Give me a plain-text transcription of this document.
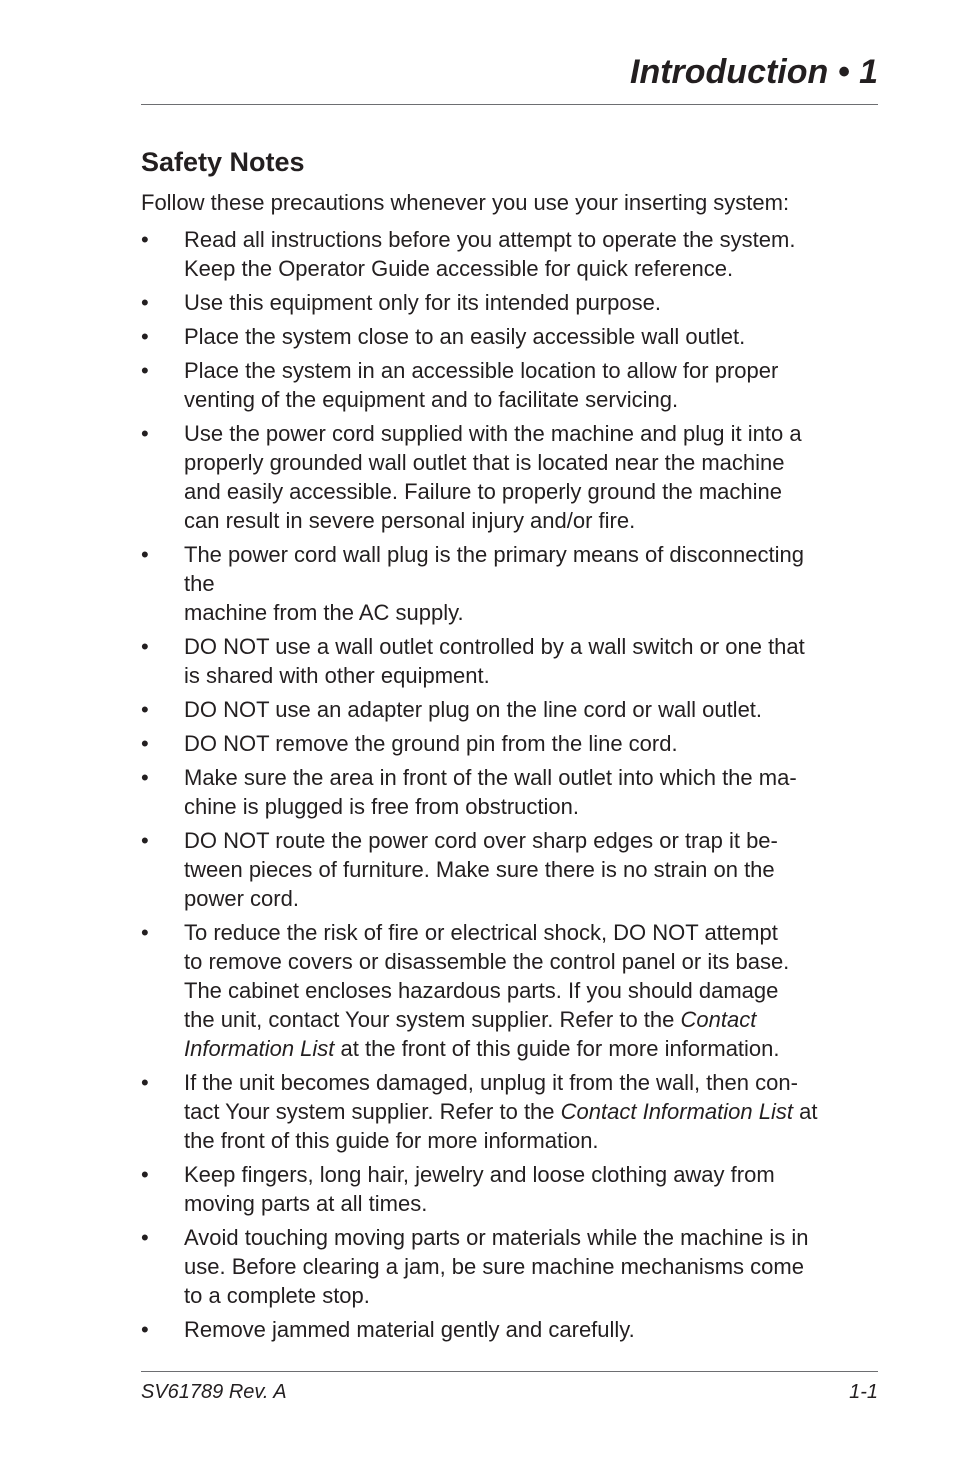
Introduction • 1
Safety Notes

Follow these precautions whenever you use your inserting system:

• Read all instructions before you attempt to operate the system.
Keep the Operator Guide accessible for quick reference.
• Use this equipment only for its intended purpose.
• Place the system close to an easily accessible wall outlet.
• Place the system in an accessible location to allow for proper
venting of the equipment and to facilitate servicing.
• Use the power cord supplied with the machine and plug it into a
properly grounded wall outlet that is located near the machine
and easily accessible. Failure to properly ground the machine
can result in severe personal injury and/or fire.
• The power cord wall plug is the primary means of disconnecting
the
machine from the AC supply.
• DO NOT use a wall outlet controlled by a wall switch or one that
is shared with other equipment.
• DO NOT use an adapter plug on the line cord or wall outlet.
• DO NOT remove the ground pin from the line cord.
• Make sure the area in front of the wall outlet into which the ma-
chine is plugged is free from obstruction.
• DO NOT route the power cord over sharp edges or trap it be-
tween pieces of furniture. Make sure there is no strain on the
power cord.
• To reduce the risk of fire or electrical shock, DO NOT attempt
to remove covers or disassemble the control panel or its base.
The cabinet encloses hazardous parts. If you should damage
the unit, contact Your system supplier. Refer to the Contact
Information List at the front of this guide for more information.
• If the unit becomes damaged, unplug it from the wall, then con-
tact Your system supplier. Refer to the Contact Information List at
the front of this guide for more information.
• Keep fingers, long hair, jewelry and loose clothing away from
moving parts at all times.
• Avoid touching moving parts or materials while the machine is in
use. Before clearing a jam, be sure machine mechanisms come
to a complete stop.
• Remove jammed material gently and carefully.
SV61789 Rev. A	1-1
